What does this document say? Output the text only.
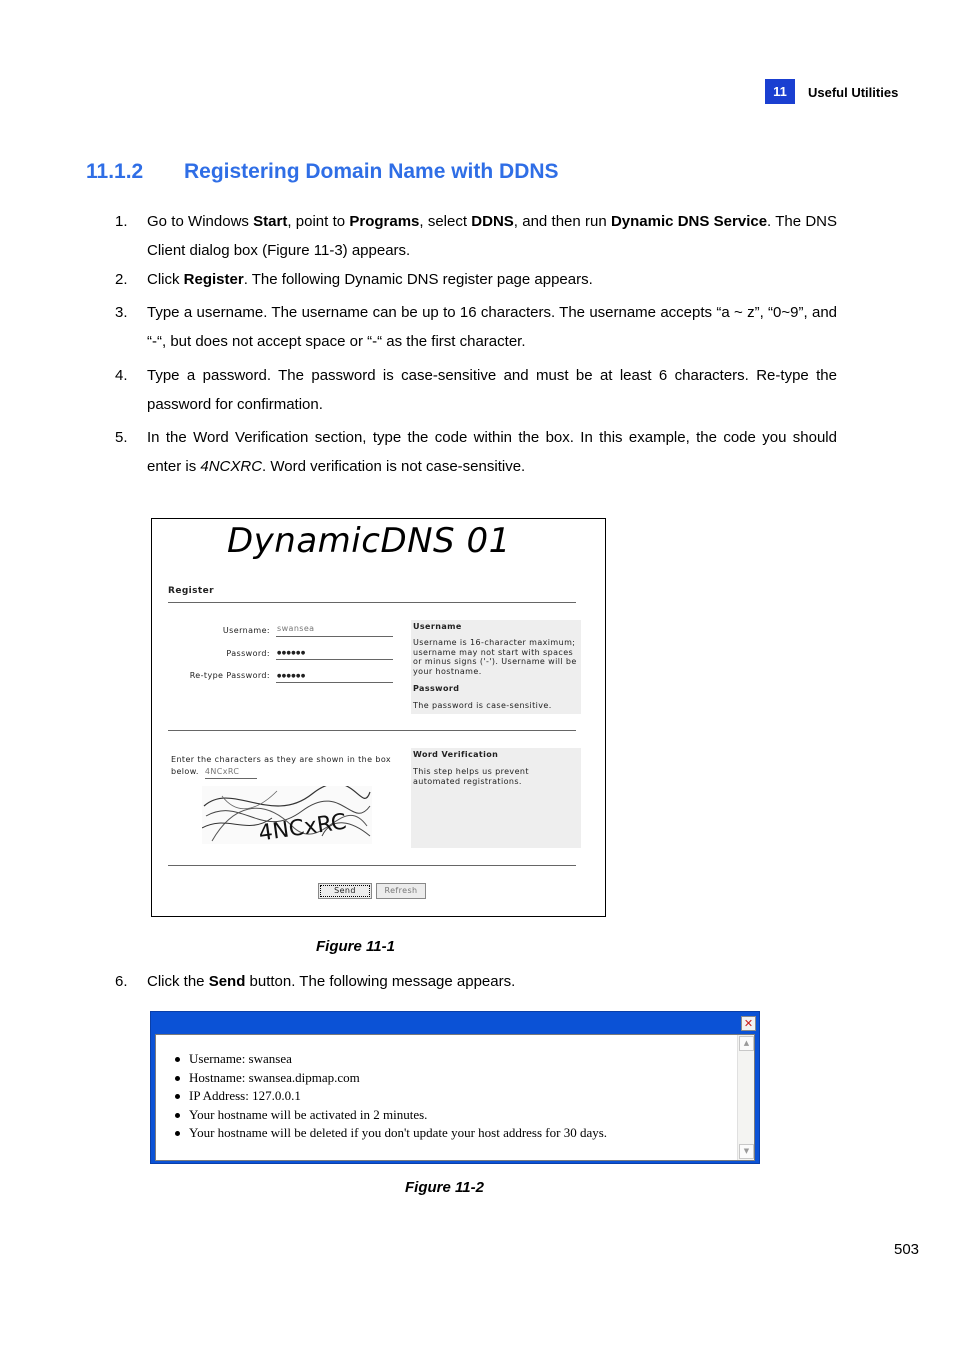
11	Useful Utilities
11.1.2 Registering Domain Name with DDNS
1. Go to Windows Start, point to Programs, select DDNS, and then run Dynamic DNS Service. The DNS Client dialog box (Figure 11-3) appears.
2. Click Register. The following Dynamic DNS register page appears.
3. Type a username. The username can be up to 16 characters. The username accepts “a ~ z”, “0~9”, and “-“, but does not accept space or “-“ as the first character.
4. Type a password. The password is case-sensitive and must be at least 6 characters. Re-type the password for confirmation.
5. In the Word Verification section, type the code within the box. In this example, the code you should enter is 4NCXRC. Word verification is not case-sensitive.
DynamicDNS 01
Register
Username: swansea
Password: ●●●●●●
Re-type Password: ●●●●●●
Username
Username is 16-character maximum; username may not start with spaces or minus signs ('-'). Username will be your hostname.
Password
The password is case-sensitive.
Enter the characters as they are shown in the box below. 4NCxRC
4NCxRC
Word Verification
This step helps us prevent automated registrations.
Send	Refresh
Figure 11-1
6. Click the Send button. The following message appears.
✕
Username: swansea
Hostname: swansea.dipmap.com
IP Address: 127.0.0.1
Your hostname will be activated in 2 minutes.
Your hostname will be deleted if you don't update your host address for 30 days.
▲
▼
Figure 11-2
503
